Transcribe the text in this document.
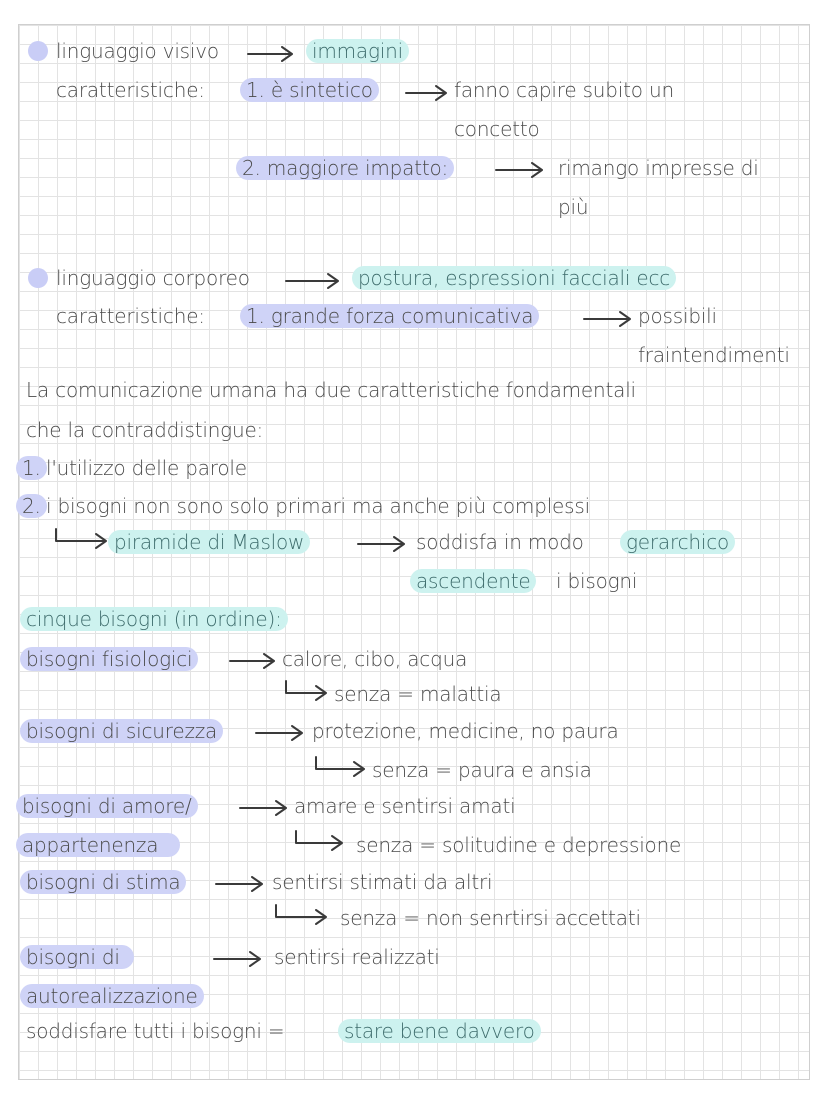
linguaggio visivo	immagini
caratteristiche: 1. è sintetico	fanno capire subito un
concetto
2. maggiore impatto:	rimango impresse di
più
linguaggio corporeo	postura, espressioni facciali ecc
caratteristiche: 1. grande forza comunicativa	possibili
fraintendimenti
La comunicazione umana ha due caratteristiche fondamentali
che la contraddistingue:
1. l'utilizzo delle parole
2. i bisogni non sono solo primari ma anche più complessi
piramide di Maslow	soddisfa in modo gerarchico
ascendente i bisogni
cinque bisogni (in ordine):
bisogni fisiologici	calore, cibo, acqua
senza = malattia
bisogni di sicurezza	protezione, medicine, no paura
senza = paura e ansia
bisogni di amore/	amare e sentirsi amati
appartenenza	senza = solitudine e depressione
bisogni di stima	sentirsi stimati da altri
senza = non senrtirsi accettati
bisogni di	sentirsi realizzati
autorealizzazione
soddisfare tutti i bisogni =	stare bene davvero
